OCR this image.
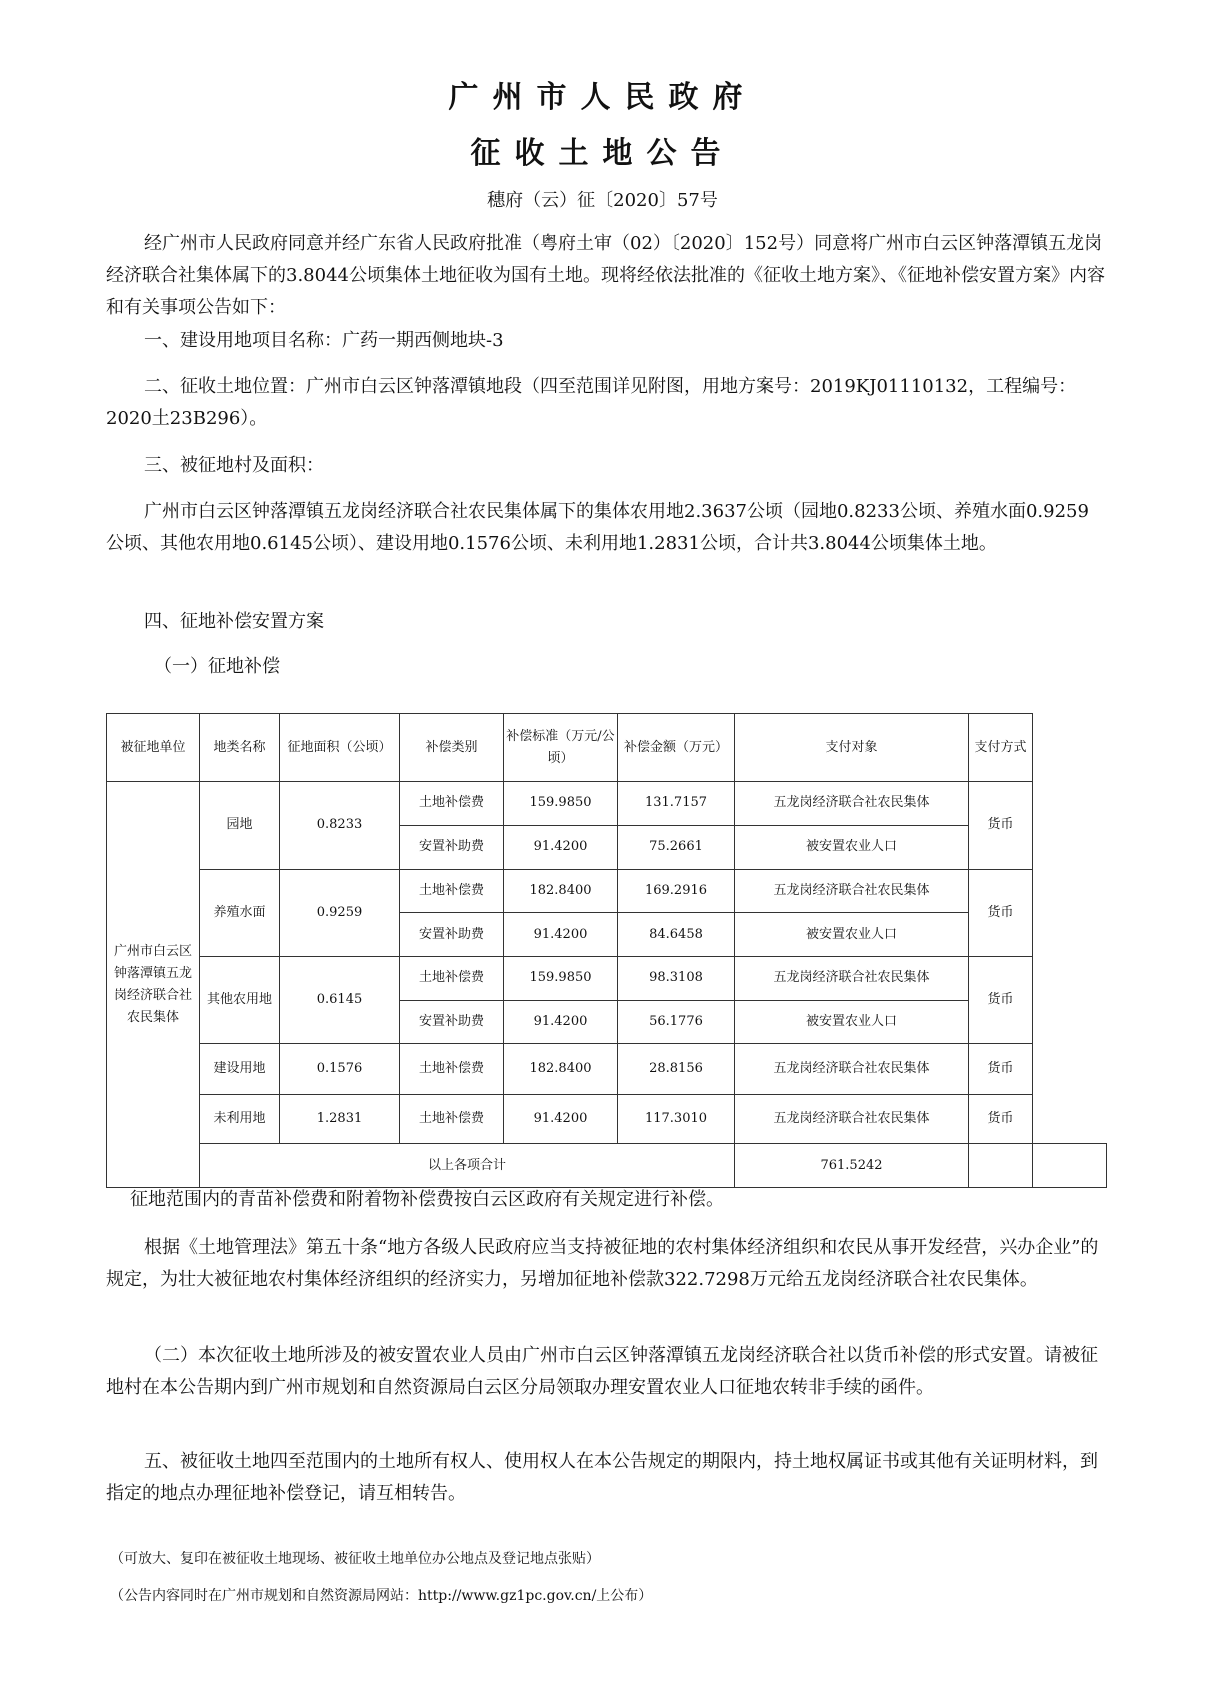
广州市人民政府
征收土地公告
穗府（云）征〔2020〕57号
经广州市人民政府同意并经广东省人民政府批准（粤府土审（02）〔2020〕152号）同意将广州市白云区钟落潭镇五龙岗经济联合社集体属下的3.8044公顷集体土地征收为国有土地。现将经依法批准的《征收土地方案》、《征地补偿安置方案》内容和有关事项公告如下：
一、建设用地项目名称：广药一期西侧地块-3
二、征收土地位置：广州市白云区钟落潭镇地段（四至范围详见附图，用地方案号：2019KJ01110132，工程编号：2020土23B296）。
三、被征地村及面积：
广州市白云区钟落潭镇五龙岗经济联合社农民集体属下的集体农用地2.3637公顷（园地0.8233公顷、养殖水面0.9259公顷、其他农用地0.6145公顷）、建设用地0.1576公顷、未利用地1.2831公顷，合计共3.8044公顷集体土地。
四、征地补偿安置方案
（一）征地补偿
被征地单位	地类名称	征地面积（公顷）	补偿类别	补偿标准（万元/公顷）	补偿金额（万元）	支付对象	支付方式	
广州市白云区钟落潭镇五龙岗经济联合社农民集体	园地	0.8233	土地补偿费	159.9850	131.7157	五龙岗经济联合社农民集体	货币	
			安置补助费	91.4200	75.2661	被安置农业人口		
	养殖水面	0.9259	土地补偿费	182.8400	169.2916	五龙岗经济联合社农民集体	货币	
			安置补助费	91.4200	84.6458	被安置农业人口		
	其他农用地	0.6145	土地补偿费	159.9850	98.3108	五龙岗经济联合社农民集体	货币	
			安置补助费	91.4200	56.1776	被安置农业人口		
	建设用地	0.1576	土地补偿费	182.8400	28.8156	五龙岗经济联合社农民集体	货币	
	未利用地	1.2831	土地补偿费	91.4200	117.3010	五龙岗经济联合社农民集体	货币	
	以上各项合计					761.5242		
征地范围内的青苗补偿费和附着物补偿费按白云区政府有关规定进行补偿。
根据《土地管理法》第五十条“地方各级人民政府应当支持被征地的农村集体经济组织和农民从事开发经营，兴办企业”的规定，为壮大被征地农村集体经济组织的经济实力，另增加征地补偿款322.7298万元给五龙岗经济联合社农民集体。
（二）本次征收土地所涉及的被安置农业人员由广州市白云区钟落潭镇五龙岗经济联合社以货币补偿的形式安置。请被征地村在本公告期内到广州市规划和自然资源局白云区分局领取办理安置农业人口征地农转非手续的函件。
五、被征收土地四至范围内的土地所有权人、使用权人在本公告规定的期限内，持土地权属证书或其他有关证明材料，到指定的地点办理征地补偿登记，请互相转告。
（可放大、复印在被征收土地现场、被征收土地单位办公地点及登记地点张贴）
（公告内容同时在广州市规划和自然资源局网站：http://www.gz1pc.gov.cn/上公布）
